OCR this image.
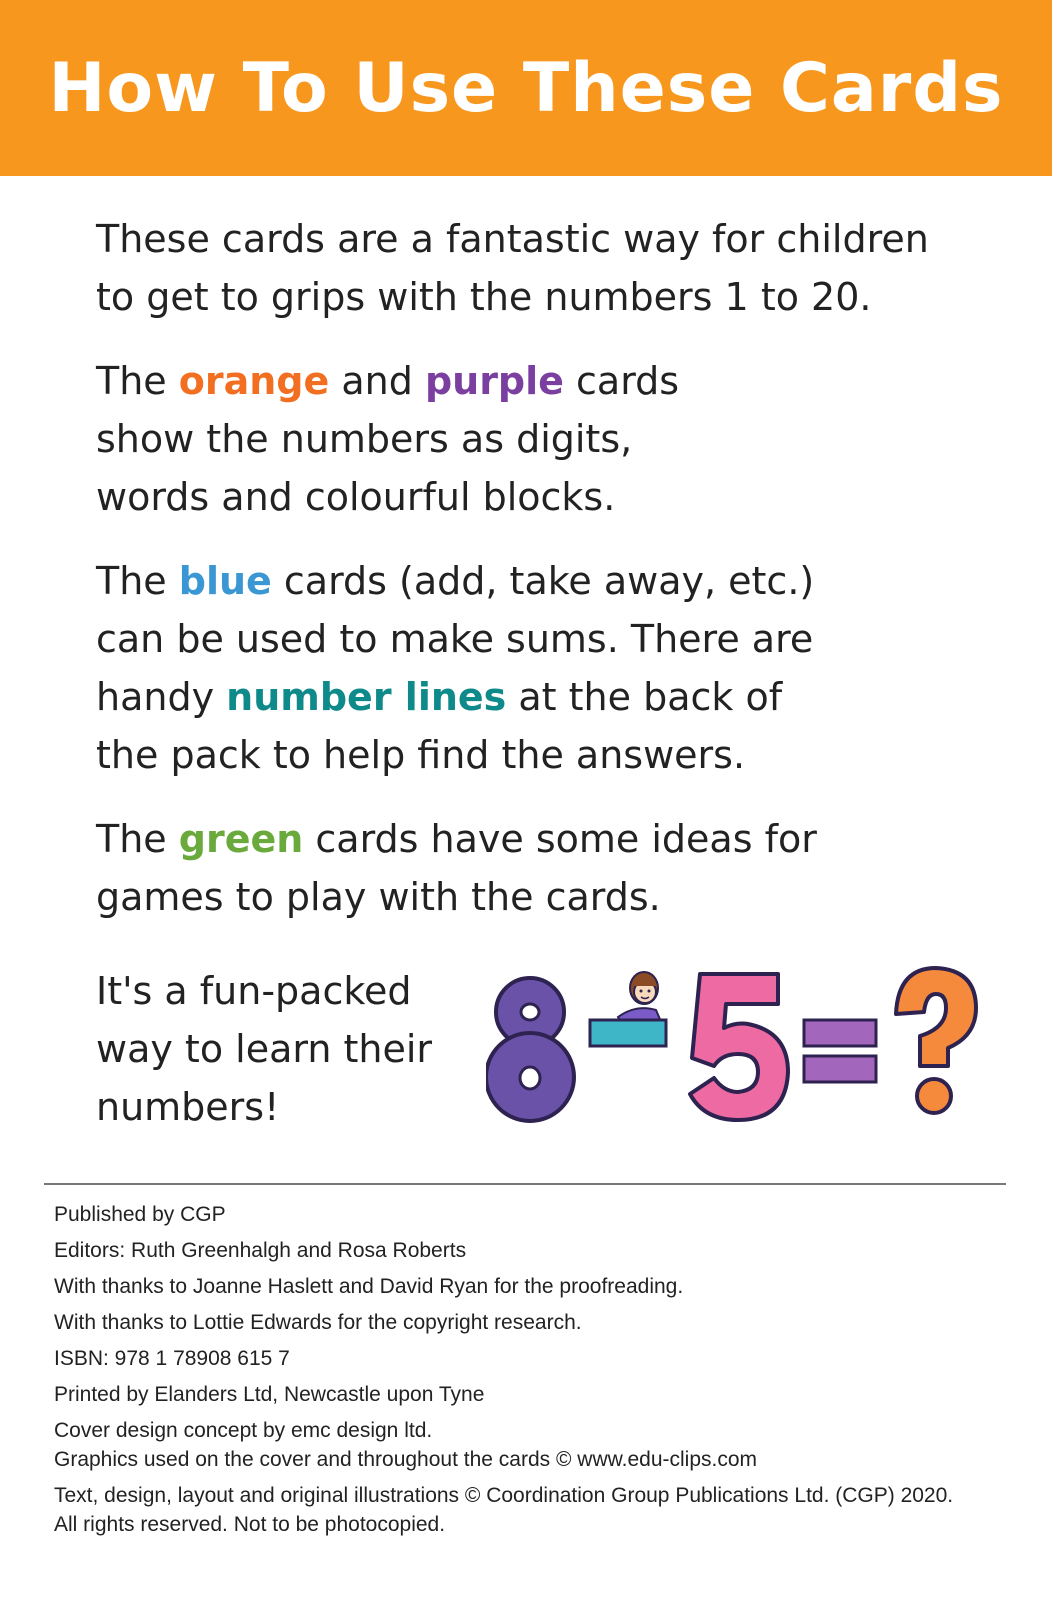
How To Use These Cards

These cards are a fantastic way for children
to get to grips with the numbers 1 to 20.

The orange and purple cards
show the numbers as digits,
words and colourful blocks.

The blue cards (add, take away, etc.)
can be used to make sums. There are
handy number lines at the back of
the pack to help find the answers.

The green cards have some ideas for
games to play with the cards.

It's a fun-packed
way to learn their
numbers!

Published by CGP

Editors: Ruth Greenhalgh and Rosa Roberts

With thanks to Joanne Haslett and David Ryan for the proofreading.

With thanks to Lottie Edwards for the copyright research.

ISBN: 978 1 78908 615 7

Printed by Elanders Ltd, Newcastle upon Tyne

Cover design concept by emc design ltd.

Graphics used on the cover and throughout the cards © www.edu-clips.com

Text, design, layout and original illustrations © Coordination Group Publications Ltd. (CGP) 2020.

All rights reserved. Not to be photocopied.
